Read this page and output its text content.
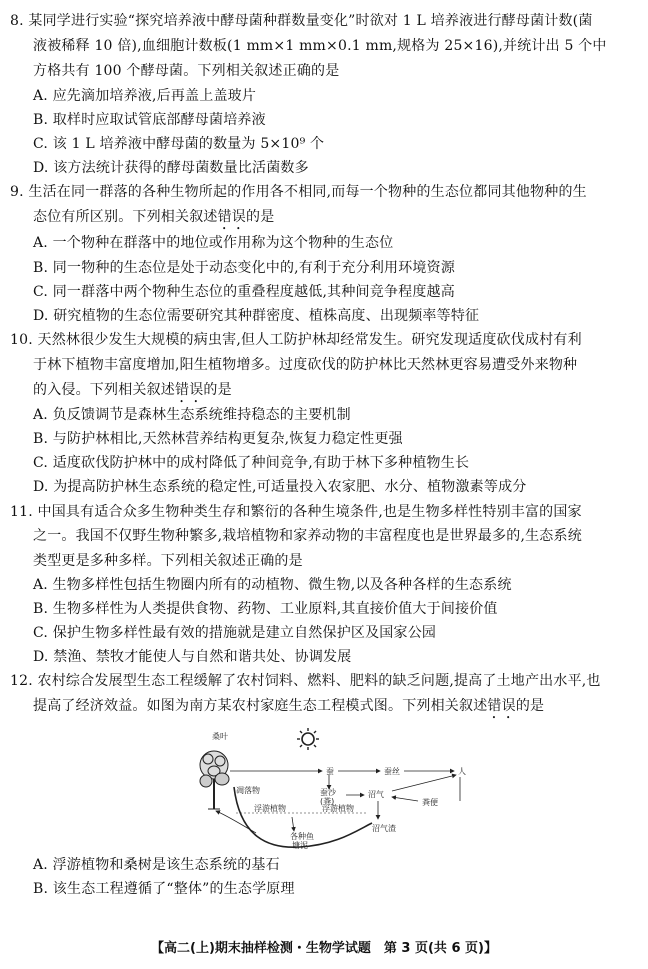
8. 某同学进行实验“探究培养液中酵母菌种群数量变化”时欲对 1 L 培养液进行酵母菌计数(菌
液被稀释 10 倍),血细胞计数板(1 mm×1 mm×0.1 mm,规格为 25×16),并统计出 5 个中
方格共有 100 个酵母菌。下列相关叙述正确的是
A. 应先滴加培养液,后再盖上盖玻片
B. 取样时应取试管底部酵母菌培养液
C. 该 1 L 培养液中酵母菌的数量为 5×10⁹ 个
D. 该方法统计获得的酵母菌数量比活菌数多
9. 生活在同一群落的各种生物所起的作用各不相同,而每一个物种的生态位都同其他物种的生
态位有所区别。下列相关叙述错误的是
A. 一个物种在群落中的地位或作用称为这个物种的生态位
B. 同一物种的生态位是处于动态变化中的,有利于充分利用环境资源
C. 同一群落中两个物种生态位的重叠程度越低,其种间竞争程度越高
D. 研究植物的生态位需要研究其种群密度、植株高度、出现频率等特征
10. 天然林很少发生大规模的病虫害,但人工防护林却经常发生。研究发现适度砍伐成村有利
于林下植物丰富度增加,阳生植物增多。过度砍伐的防护林比天然林更容易遭受外来物种
的入侵。下列相关叙述错误的是
A. 负反馈调节是森林生态系统维持稳态的主要机制
B. 与防护林相比,天然林营养结构更复杂,恢复力稳定性更强
C. 适度砍伐防护林中的成村降低了种间竞争,有助于林下多种植物生长
D. 为提高防护林生态系统的稳定性,可适量投入农家肥、水分、植物激素等成分
11. 中国具有适合众多生物种类生存和繁衍的各种生境条件,也是生物多样性特别丰富的国家
之一。我国不仅野生物种繁多,栽培植物和家养动物的丰富程度也是世界最多的,生态系统
类型更是多种多样。下列相关叙述正确的是
A. 生物多样性包括生物圈内所有的动植物、微生物,以及各种各样的生态系统
B. 生物多样性为人类提供食物、药物、工业原料,其直接价值大于间接价值
C. 保护生物多样性最有效的措施就是建立自然保护区及国家公园
D. 禁渔、禁牧才能使人与自然和谐共处、协调发展
12. 农村综合发展型生态工程缓解了农村饲料、燃料、肥料的缺乏问题,提高了土地产出水平,也
提高了经济效益。如图为南方某农村家庭生态工程模式图。下列相关叙述错误的是
桑叶
凋落物
蚕	蚕丝	人
蚕沙(粪)
沼气
粪便
沼气渣
浮游植物	浮游植物
各种鱼
塘泥
A. 浮游植物和桑树是该生态系统的基石
B. 该生态工程遵循了“整体”的生态学原理
【高二(上)期末抽样检测・生物学试题　第 3 页(共 6 页)】
